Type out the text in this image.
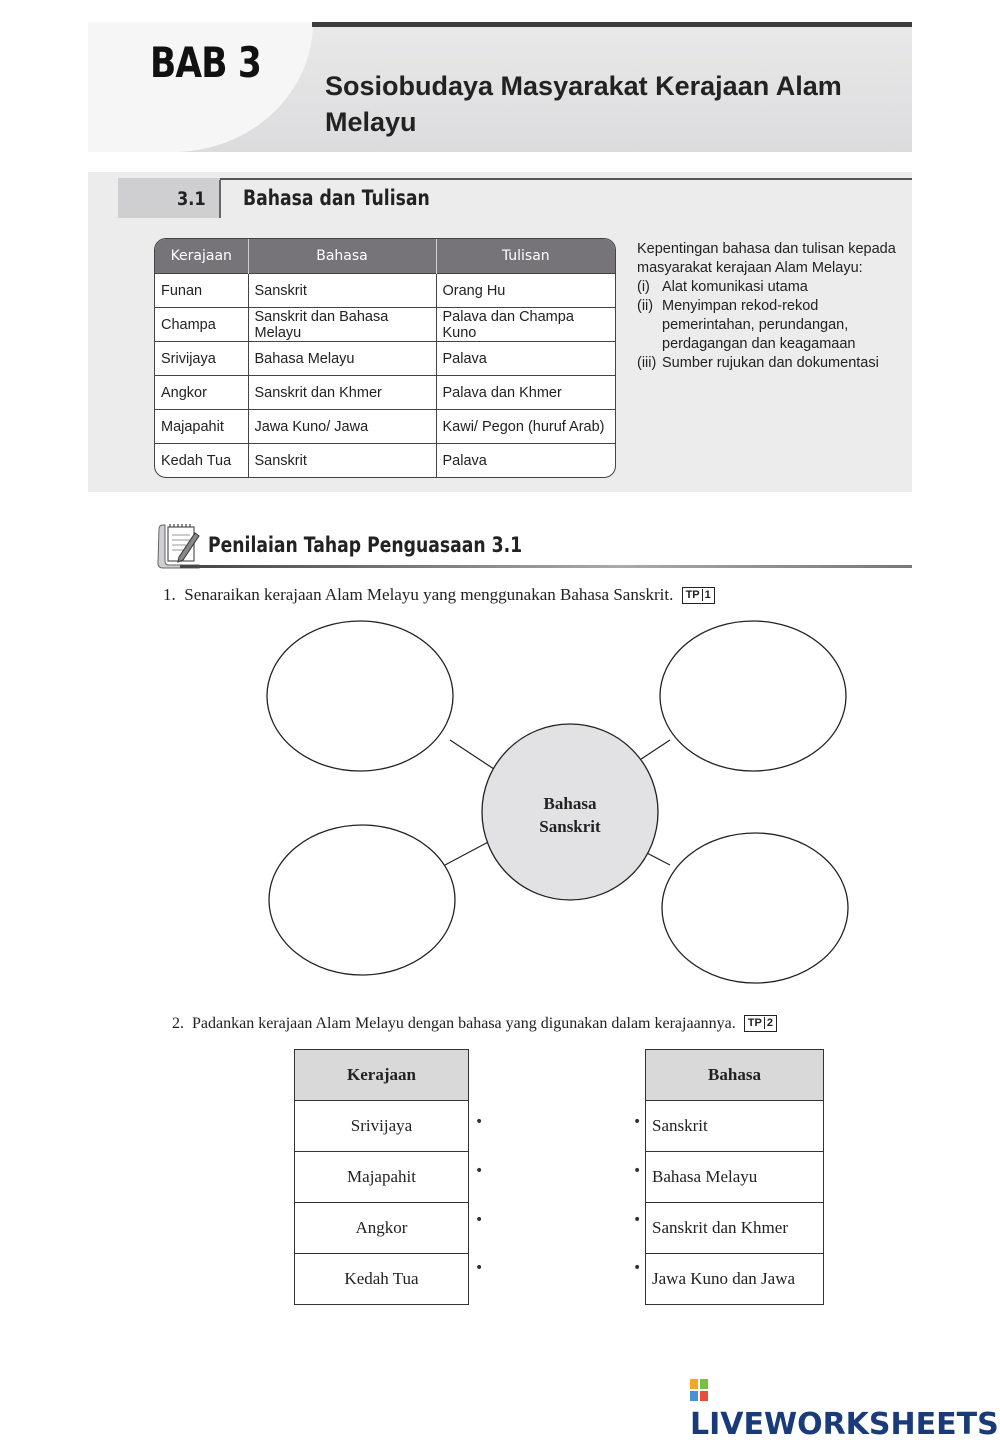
BAB 3 Sosiobudaya Masyarakat Kerajaan Alam Melayu
3.1 Bahasa dan Tulisan
Kerajaan	Bahasa	Tulisan
Funan	Sanskrit	Orang Hu
Champa	Sanskrit dan Bahasa Melayu	Palava dan Champa Kuno
Srivijaya	Bahasa Melayu	Palava
Angkor	Sanskrit dan Khmer	Palava dan Khmer
Majapahit	Jawa Kuno/ Jawa	Kawi/ Pegon (huruf Arab)
Kedah Tua	Sanskrit	Palava
Kepentingan bahasa dan tulisan kepada masyarakat kerajaan Alam Melayu:
(i) Alat komunikasi utama
(ii) Menyimpan rekod-rekod pemerintahan, perundangan, perdagangan dan keagamaan
(iii) Sumber rujukan dan dokumentasi
Penilaian Tahap Penguasaan 3.1
1. Senaraikan kerajaan Alam Melayu yang menggunakan Bahasa Sanskrit. TP 1
Bahasa
Sanskrit
2. Padankan kerajaan Alam Melayu dengan bahasa yang digunakan dalam kerajaannya. TP 2
Kerajaan
Srivijaya
Majapahit
Angkor
Kedah Tua
•
•
•
•
•
•
•
•
Bahasa
Sanskrit
Bahasa Melayu
Sanskrit dan Khmer
Jawa Kuno dan Jawa
LIVEWORKSHEETS
